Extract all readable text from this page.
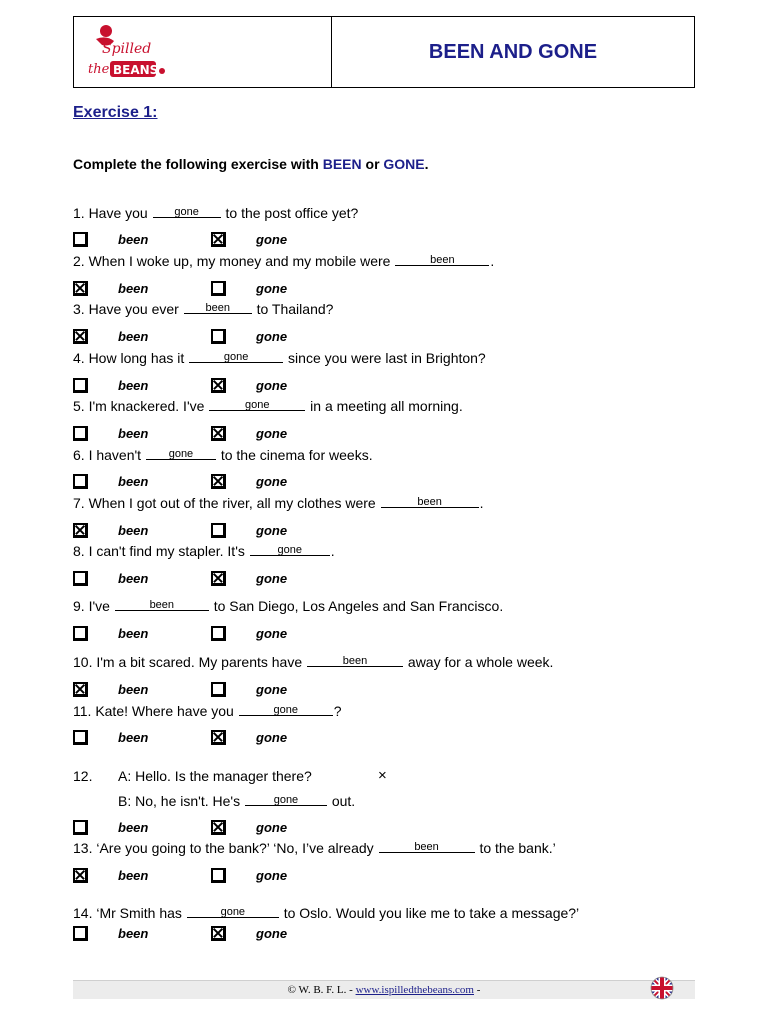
Spilled
the BEANS
BEEN AND GONE
Exercise 1:
Complete the following exercise with BEEN or GONE.
1. Have you	gone	to the post office yet?
been	gone
2. When I woke up, my money and my mobile were	been	.
been	gone
3. Have you ever	been	to Thailand?
been	gone
4. How long has it	gone	since you were last in Brighton?
been	gone
5. I'm knackered. I've	gone	in a meeting all morning.
been	gone
6. I haven't	gone	to the cinema for weeks.
been	gone
7. When I got out of the river, all my clothes were	been	.
been	gone
8. I can't find my stapler. It's	gone	.
been	gone
9. I've	been	to San Diego, Los Angeles and San Francisco.
been	gone
10. I'm a bit scared. My parents have	been	away for a whole week.
been	gone
11. Kate! Where have you	gone	?
been	gone
12. A: Hello. Is the manager there?	×
B: No, he isn't. He's	gone	out.
been	gone
13. ‘Are you going to the bank?’ ‘No, I’ve already	been	to the bank.’
been	gone
14. ‘Mr Smith has	gone	to Oslo. Would you like me to take a message?’
been	gone
© W. B. F. L. - www.ispilledthebeans.com -
